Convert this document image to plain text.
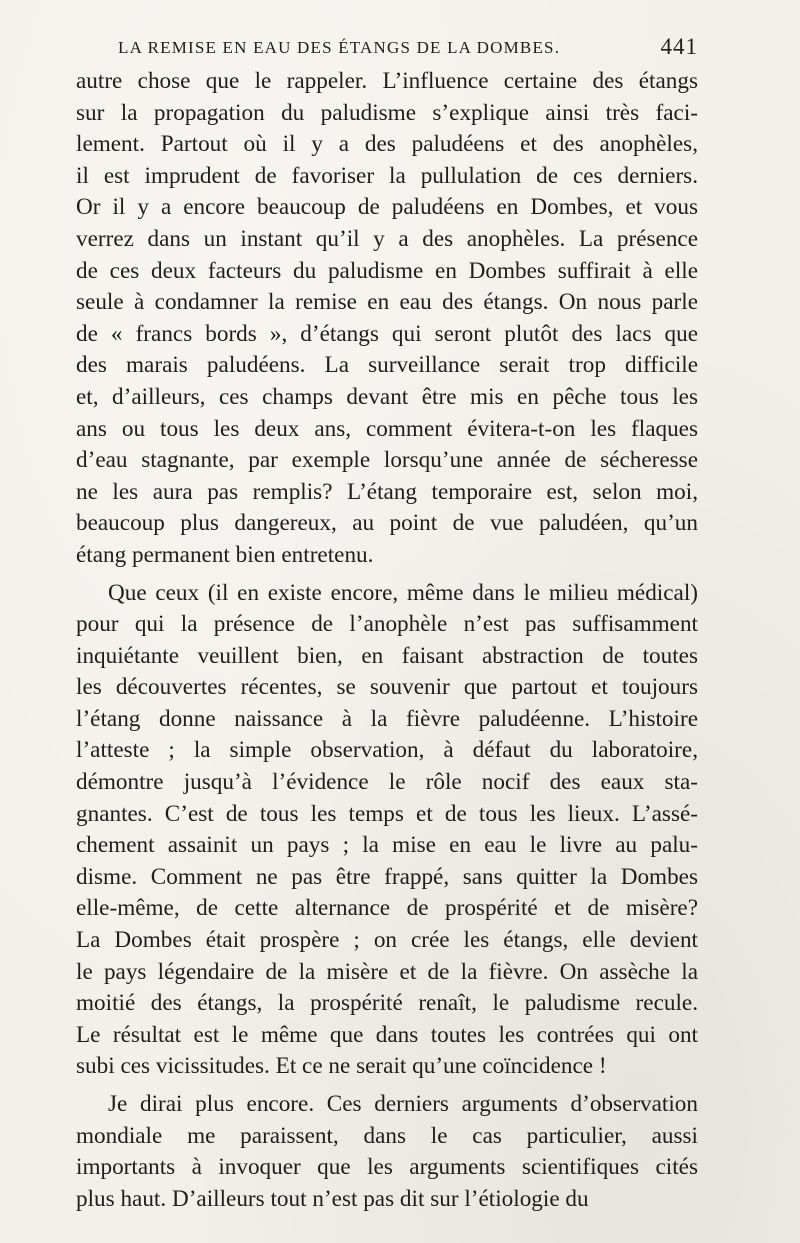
LA REMISE EN EAU DES ÉTANGS DE LA DOMBES.	441
autre chose que le rappeler. L’influence certaine des étangs
sur la propagation du paludisme s’explique ainsi très faci-
lement. Partout où il y a des paludéens et des anophèles,
il est imprudent de favoriser la pullulation de ces derniers.
Or il y a encore beaucoup de paludéens en Dombes, et vous
verrez dans un instant qu’il y a des anophèles. La présence
de ces deux facteurs du paludisme en Dombes suffirait à elle
seule à condamner la remise en eau des étangs. On nous parle
de « francs bords », d’étangs qui seront plutôt des lacs que
des marais paludéens. La surveillance serait trop difficile
et, d’ailleurs, ces champs devant être mis en pêche tous les
ans ou tous les deux ans, comment évitera-t-on les flaques
d’eau stagnante, par exemple lorsqu’une année de sécheresse
ne les aura pas remplis? L’étang temporaire est, selon moi,
beaucoup plus dangereux, au point de vue paludéen, qu’un
étang permanent bien entretenu.
Que ceux (il en existe encore, même dans le milieu médical)
pour qui la présence de l’anophèle n’est pas suffisamment
inquiétante veuillent bien, en faisant abstraction de toutes
les découvertes récentes, se souvenir que partout et toujours
l’étang donne naissance à la fièvre paludéenne. L’histoire
l’atteste ; la simple observation, à défaut du laboratoire,
démontre jusqu’à l’évidence le rôle nocif des eaux sta-
gnantes. C’est de tous les temps et de tous les lieux. L’assé-
chement assainit un pays ; la mise en eau le livre au palu-
disme. Comment ne pas être frappé, sans quitter la Dombes
elle-même, de cette alternance de prospérité et de misère?
La Dombes était prospère ; on crée les étangs, elle devient
le pays légendaire de la misère et de la fièvre. On assèche la
moitié des étangs, la prospérité renaît, le paludisme recule.
Le résultat est le même que dans toutes les contrées qui ont
subi ces vicissitudes. Et ce ne serait qu’une coïncidence !
Je dirai plus encore. Ces derniers arguments d’observation
mondiale me paraissent, dans le cas particulier, aussi
importants à invoquer que les arguments scientifiques cités
plus haut. D’ailleurs tout n’est pas dit sur l’étiologie du
